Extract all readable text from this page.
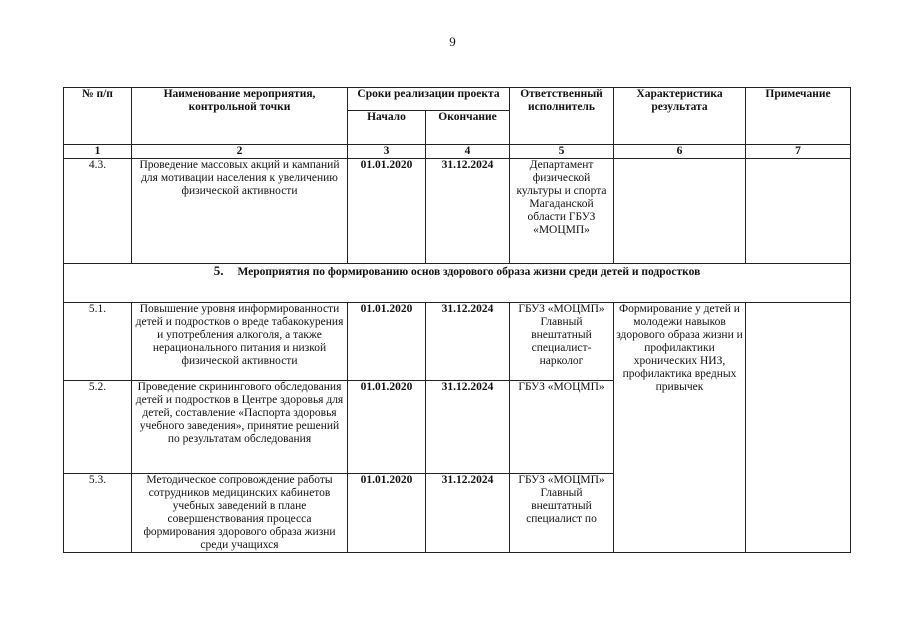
9
№ п/п	Наименование мероприятия, контрольной точки	Сроки реализации проекта		Ответственный исполнитель	Характеристика результата	Примечание
		Начало	Окончание			
1	2	3	4	5	6	7
4.3.	Проведение массовых акций и кампаний для мотивации населения к увеличению физической активности	01.01.2020	31.12.2024	Департамент физической культуры и спорта Магаданской области ГБУЗ «МОЦМП»		
5. Мероприятия по формированию основ здорового образа жизни среди детей и подростков						
5.1.	Повышение уровня информированности детей и подростков о вреде табакокурения и употребления алкоголя, а также нерационального питания и низкой физической активности	01.01.2020	31.12.2024	ГБУЗ «МОЦМП» Главный внештатный специалист-нарколог	Формирование у детей и молодежи навыков здорового образа жизни и профилактики хронических НИЗ, профилактика вредных привычек	
5.2.	Проведение скринингового обследования детей и подростков в Центре здоровья для детей, составление «Паспорта здоровья учебного заведения», принятие решений по результатам обследования	01.01.2020	31.12.2024	ГБУЗ «МОЦМП»		
5.3.	Методическое сопровождение работы сотрудников медицинских кабинетов учебных заведений в плане совершенствования процесса формирования здорового образа жизни среди учащихся	01.01.2020	31.12.2024	ГБУЗ «МОЦМП» Главный внештатный специалист по		
